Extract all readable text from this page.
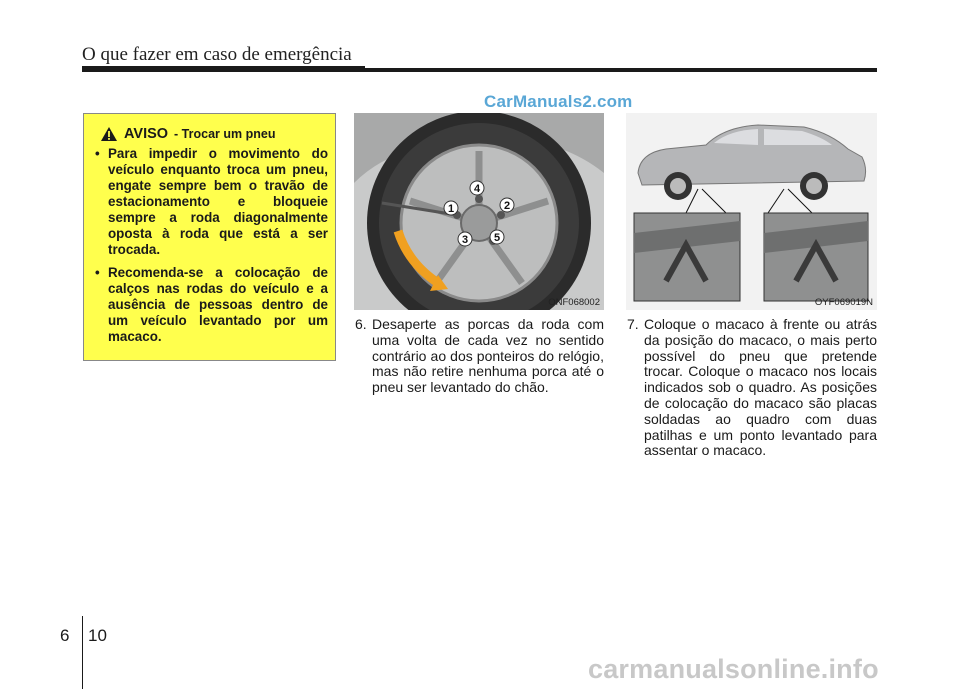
O que fazer em caso de emergência
CarManuals2.com
AVISO - Trocar um pneu
• Para impedir o movimento do veículo enquanto troca um pneu, engate sempre bem o travão de estacionamento e bloqueie sempre a roda diagonalmente oposta à roda que está a ser trocada.
• Recomenda-se a colocação de calços nas rodas do veículo e a ausência de pessoas dentro de um veículo levantado por um macaco.
4
2
1
3 5
ONF068002	OYF069019N
6. Desaperte as porcas da roda com uma volta de cada vez no sentido contrário ao dos ponteiros do relógio, mas não retire nenhuma porca até o pneu ser levantado do chão.
7. Coloque o macaco à frente ou atrás da posição do macaco, o mais perto possível do pneu que pretende trocar. Coloque o macaco nos locais indicados sob o quadro. As posições de colocação do macaco são placas soldadas ao quadro com duas patilhas e um ponto levantado para assentar o macaco.
6 10
carmanualsonline.info
